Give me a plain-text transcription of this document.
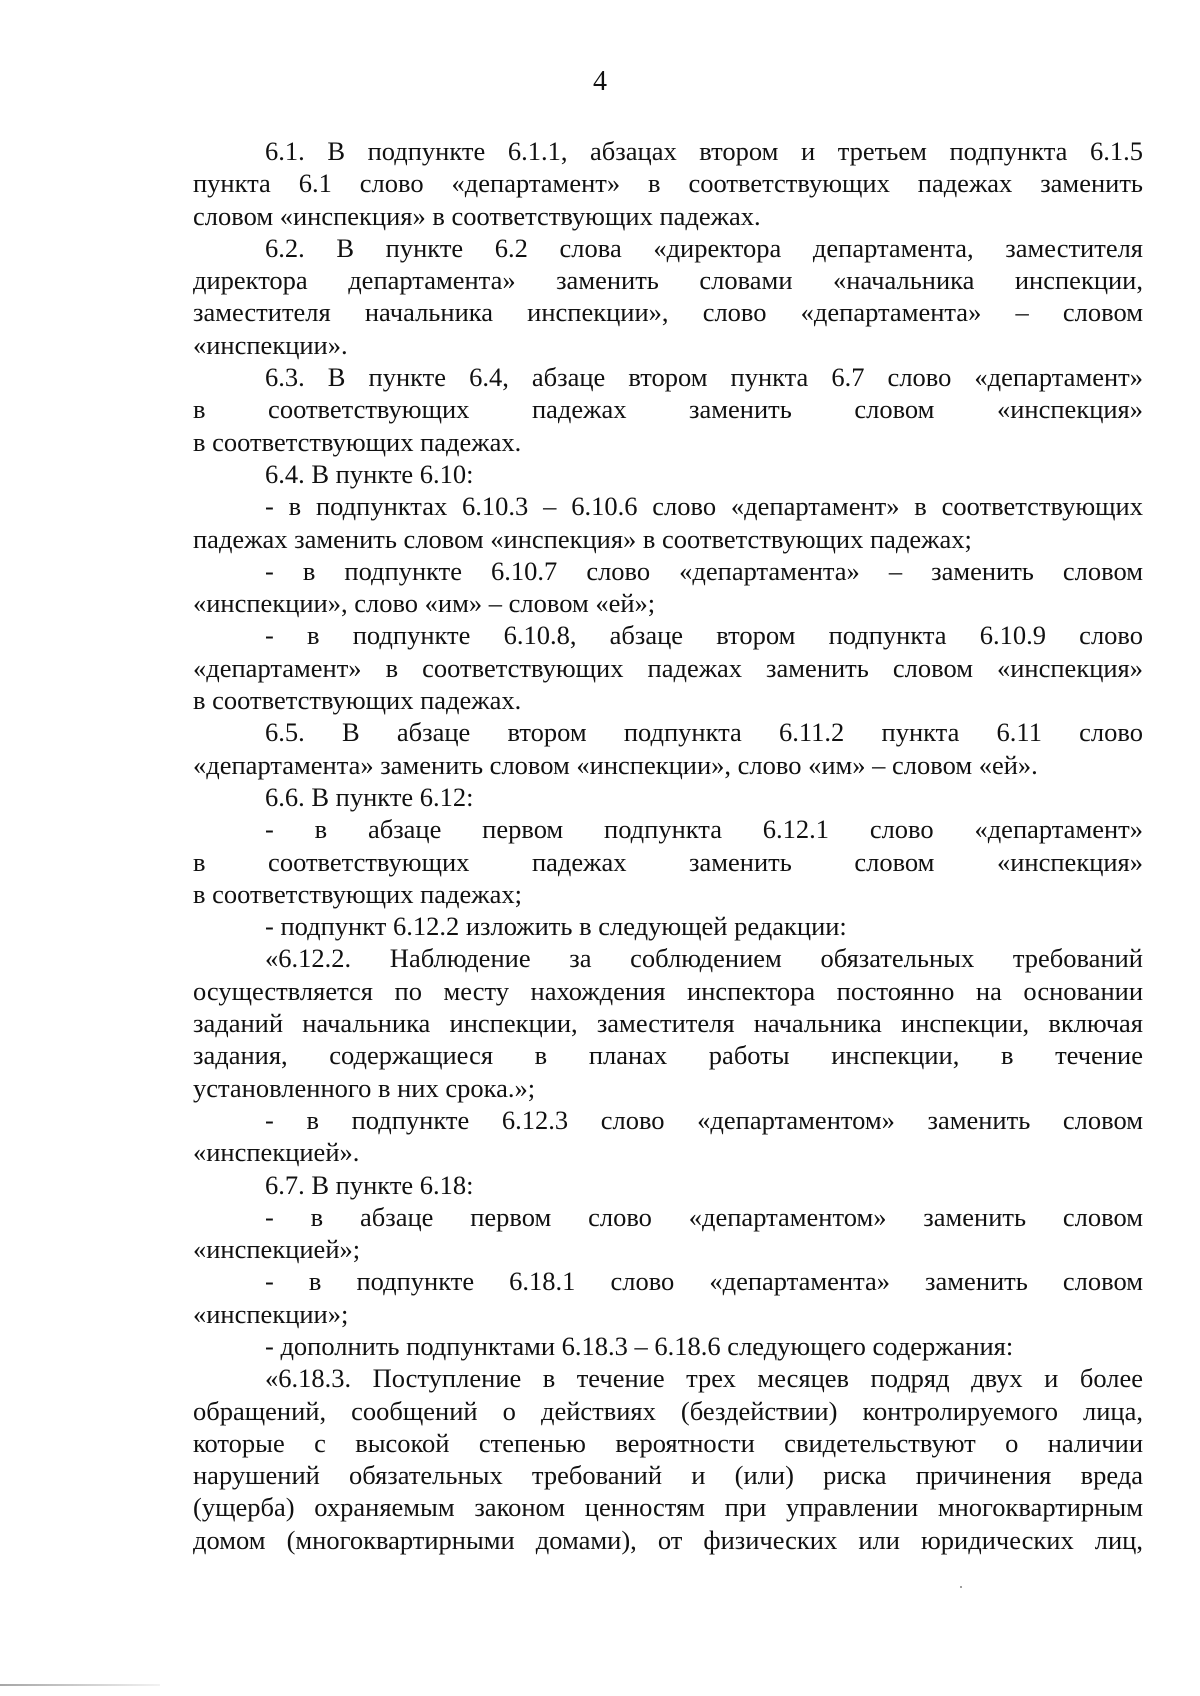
4
6.1. В подпункте 6.1.1, абзацах втором и третьем подпункта 6.1.5
пункта 6.1 слово «департамент» в соответствующих падежах заменить
словом «инспекция» в соответствующих падежах.
6.2. В пункте 6.2 слова «директора департамента, заместителя
директора департамента» заменить словами «начальника инспекции,
заместителя начальника инспекции», слово «департамента» – словом
«инспекции».
6.3. В пункте 6.4, абзаце втором пункта 6.7 слово «департамент»
в соответствующих падежах заменить словом «инспекция»
в соответствующих падежах.
6.4. В пункте 6.10:
- в подпунктах 6.10.3 – 6.10.6 слово «департамент» в соответствующих
падежах заменить словом «инспекция» в соответствующих падежах;
- в подпункте 6.10.7 слово «департамента» – заменить словом
«инспекции», слово «им» – словом «ей»;
- в подпункте 6.10.8, абзаце втором подпункта 6.10.9 слово
«департамент» в соответствующих падежах заменить словом «инспекция»
в соответствующих падежах.
6.5. В абзаце втором подпункта 6.11.2 пункта 6.11 слово
«департамента» заменить словом «инспекции», слово «им» – словом «ей».
6.6. В пункте 6.12:
- в абзаце первом подпункта 6.12.1 слово «департамент»
в соответствующих падежах заменить словом «инспекция»
в соответствующих падежах;
- подпункт 6.12.2 изложить в следующей редакции:
«6.12.2. Наблюдение за соблюдением обязательных требований
осуществляется по месту нахождения инспектора постоянно на основании
заданий начальника инспекции, заместителя начальника инспекции, включая
задания, содержащиеся в планах работы инспекции, в течение
установленного в них срока.»;
- в подпункте 6.12.3 слово «департаментом» заменить словом
«инспекцией».
6.7. В пункте 6.18:
- в абзаце первом слово «департаментом» заменить словом
«инспекцией»;
- в подпункте 6.18.1 слово «департамента» заменить словом
«инспекции»;
- дополнить подпунктами 6.18.3 – 6.18.6 следующего содержания:
«6.18.3. Поступление в течение трех месяцев подряд двух и более
обращений, сообщений о действиях (бездействии) контролируемого лица,
которые с высокой степенью вероятности свидетельствуют о наличии
нарушений обязательных требований и (или) риска причинения вреда
(ущерба) охраняемым законом ценностям при управлении многоквартирным
домом (многоквартирными домами), от физических или юридических лиц,
